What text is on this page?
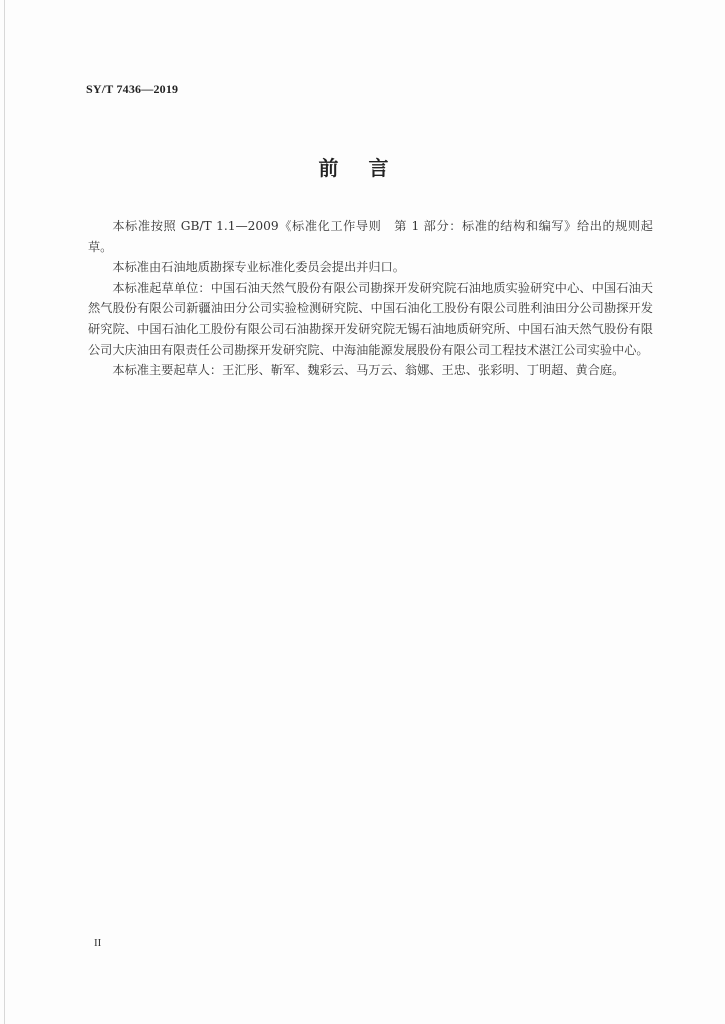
SY/T 7436—2019
前言

本标准按照 GB/T 1.1—2009《标准化工作导则　第 1 部分：标准的结构和编写》给出的规则起草。

本标准由石油地质勘探专业标准化委员会提出并归口。

本标准起草单位：中国石油天然气股份有限公司勘探开发研究院石油地质实验研究中心、中国石油天然气股份有限公司新疆油田分公司实验检测研究院、中国石油化工股份有限公司胜利油田分公司勘探开发研究院、中国石油化工股份有限公司石油勘探开发研究院无锡石油地质研究所、中国石油天然气股份有限公司大庆油田有限责任公司勘探开发研究院、中海油能源发展股份有限公司工程技术湛江公司实验中心。

本标准主要起草人：王汇彤、靳军、魏彩云、马万云、翁娜、王忠、张彩明、丁明超、黄合庭。

II
